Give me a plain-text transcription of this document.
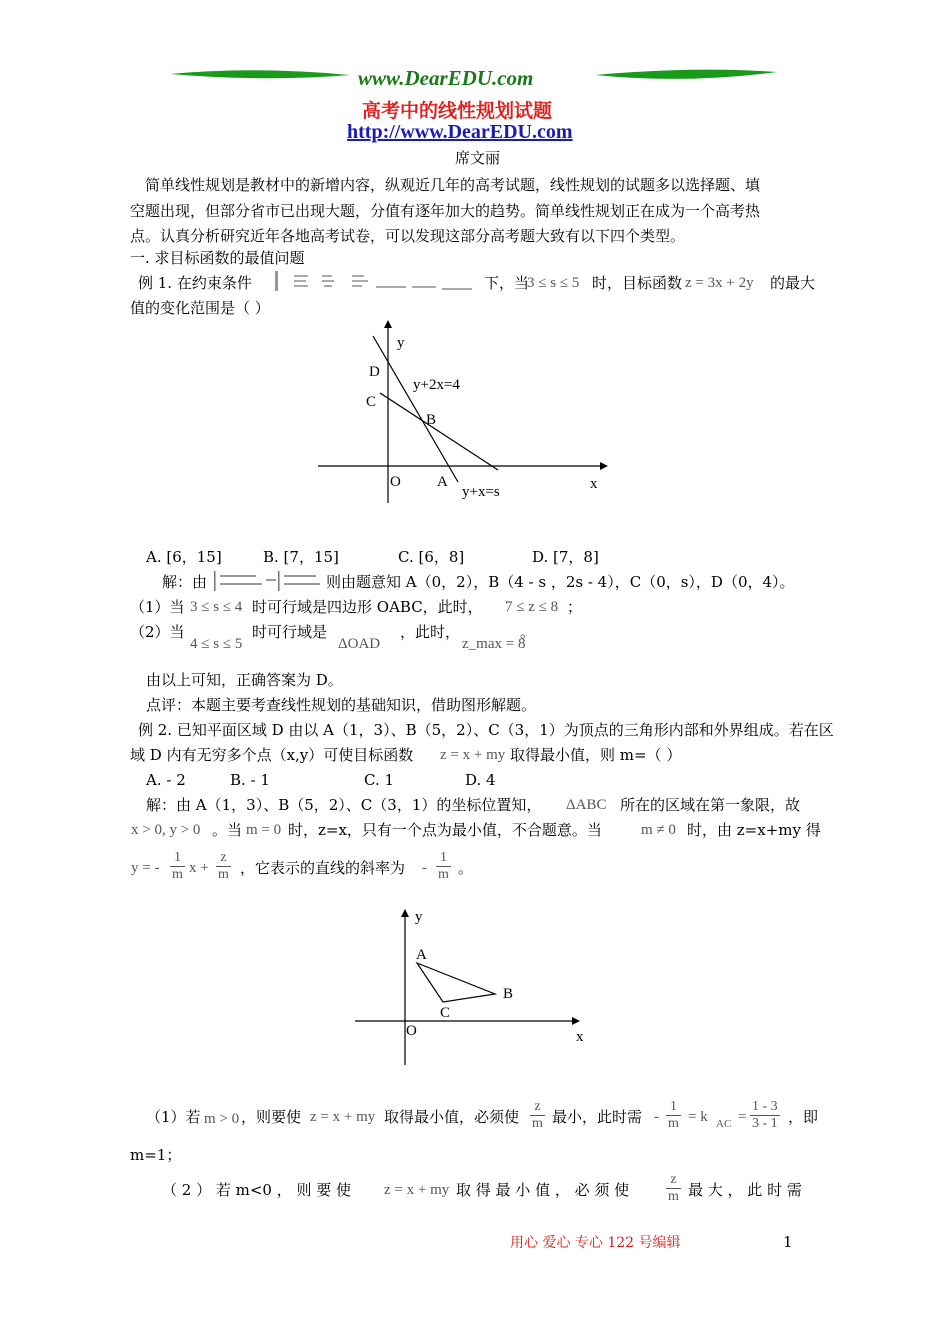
www.DearEDU.com
高考中的线性规划试题
http://www.DearEDU.com
席文丽
简单线性规划是教材中的新增内容，纵观近几年的高考试题，线性规划的试题多以选择题、填
空题出现，但部分省市已出现大题，分值有逐年加大的趋势。简单线性规划正在成为一个高考热
点。认真分析研究近年各地高考试卷，可以发现这部分高考题大致有以下四个类型。
一. 求目标函数的最值问题
例 1. 在约束条件	下，当
3 ≤ s ≤ 5 时，目标函数 z = 3x + 2y 的最大
值的变化范围是（ ）
y
D
y+2x=4
C
B
O A
y+x=s	x
A. [6，15]	B. [7，15]	C. [6，8]	D. [7，8]
解：由	则由题意知 A（0，2），B（4 - s ，2s - 4），C（0，s），D（0，4）。
（1）当 3 ≤ s ≤ 4 时可行域是四边形 OABC，此时， 7 ≤ z ≤ 8 ；
（2）当
4 ≤ s ≤ 5
时可行域是
ΔOAD
，此时，
z_max = 8
。
由以上可知，正确答案为 D。
点评：本题主要考查线性规划的基础知识，借助图形解题。
例 2. 已知平面区域 D 由以 A（1，3）、B（5，2）、C（3，1）为顶点的三角形内部和外界组成。若在区
域 D 内有无穷多个点（x,y）可使目标函数 z = x + my 取得最小值，则 m=（ ）
A. - 2	B. - 1	C. 1	D. 4
解：由 A（1，3）、B（5，2）、C（3，1）的坐标位置知， ΔABC 所在的区域在第一象限，故
x > 0, y > 0 。当 m = 0 时，z=x，只有一个点为最小值，不合题意。当	m ≠ 0 时，由 z=x+my 得
y = - $\frac{1}{m}$ $x + \frac{z}{m}$ ，它表示的直线的斜率为 - $\frac{1}{m}$ 。
y
A
B
C
O	x
（1）若 m > 0 ，则要使 z = x + my 取得最小值，必须使 $\frac{z}{m}$ 最小，此时需 - $\frac{1}{m} = k$ AC = $\frac{1 - 3}{3 - 1}$ ，即
m=1；
（ 2 ） 若 m<0 ， 则 要 使 z = x + my 取 得 最 小 值 ， 必 须 使	$\frac{z}{m}$ 最 大 ， 此 时 需
用心 爱心 专心 122 号编辑	1
